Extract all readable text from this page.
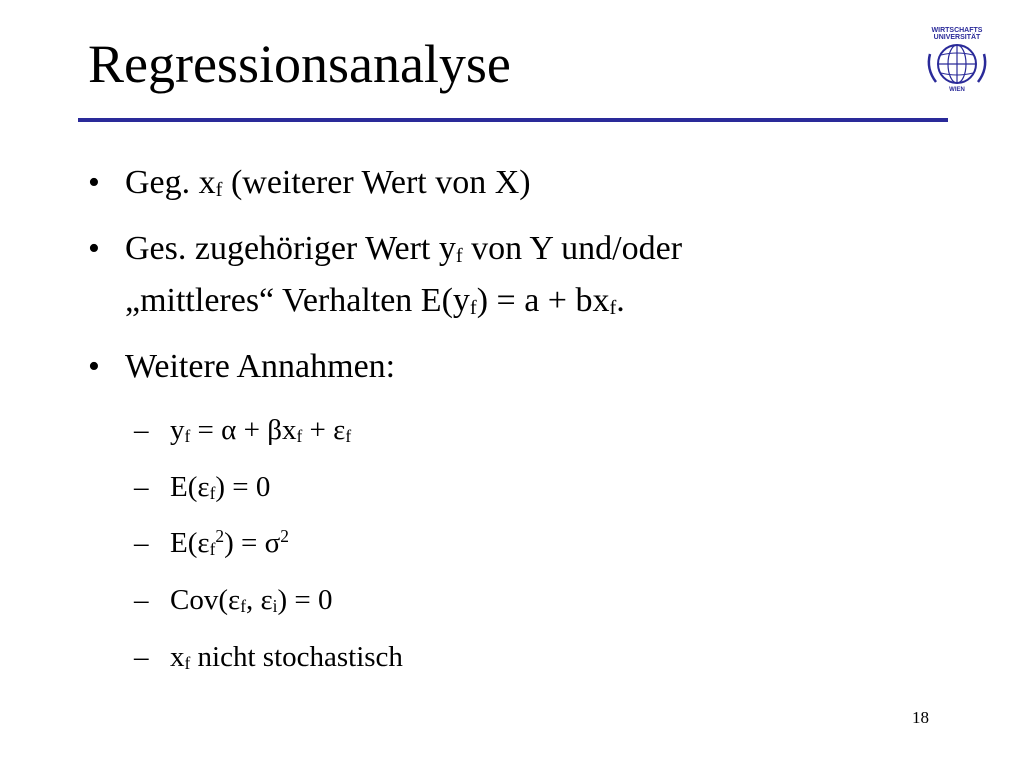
Regressionsanalyse
WIRTSCHAFTS
UNIVERSITÄT
WIEN
• Geg. $x_f$ (weiterer Wert von X)
• Ges. zugehöriger Wert $y_f$ von Y und/oder
„mittleres“ Verhalten $E(y_f) = a + bx_f$.
• Weitere Annahmen:
– $y_f = \alpha + \beta x_f + \varepsilon_f$
– $E(\varepsilon_f) = 0$
– $E(\varepsilon_f^2) = \sigma^2$
– $Cov(\varepsilon_f$, $\varepsilon_i) = 0$
– $x_f$ nicht stochastisch
18
